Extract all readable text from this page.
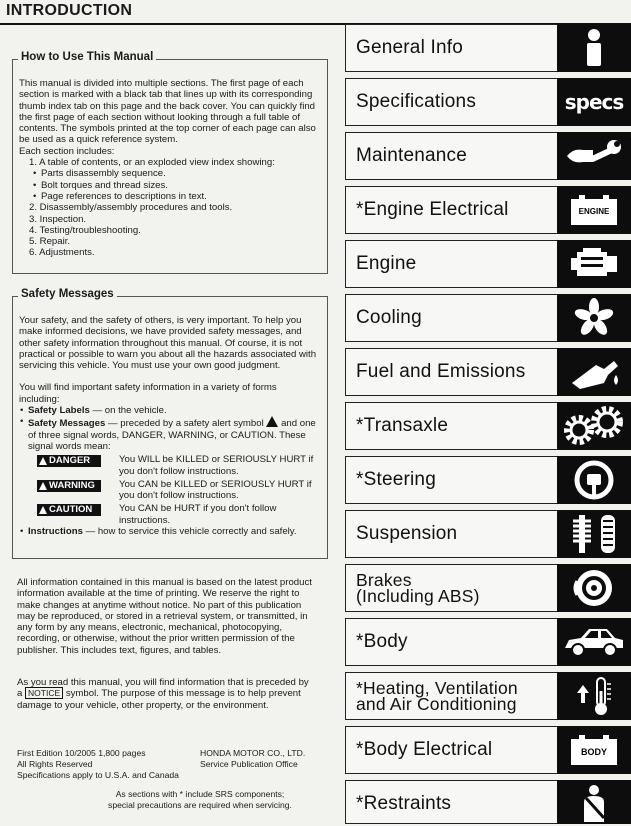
INTRODUCTION
How to Use This Manual

This manual is divided into multiple sections. The first page of each section is marked with a black tab that lines up with its corresponding thumb index tab on this page and the back cover. You can quickly find the first page of each section without looking through a full table of contents. The symbols printed at the top corner of each page can also be used as a quick reference system.

Each section includes:

1. A table of contents, or an exploded view index showing:
• Parts disassembly sequence.
• Bolt torques and thread sizes.
• Page references to descriptions in text.
2. Disassembly/assembly procedures and tools.
3. Inspection.
4. Testing/troubleshooting.
5. Repair.
6. Adjustments.
Safety Messages

Your safety, and the safety of others, is very important. To help you make informed decisions, we have provided safety messages, and other safety information throughout this manual. Of course, it is not practical or possible to warn you about all the hazards associated with servicing this vehicle. You must use your own good judgment.

You will find important safety information in a variety of forms including:

• Safety Labels — on the vehicle.
• Safety Messages — preceded by a safety alert symbol and one of three signal words, DANGER, WARNING, or CAUTION. These signal words mean:
DANGER	You WILL be KILLED or SERIOUSLY HURT if you don't follow instructions.
WARNING	You CAN be KILLED or SERIOUSLY HURT if you don't follow instructions.
CAUTION	You CAN be HURT if you don't follow instructions.
• Instructions — how to service this vehicle correctly and safely.

All information contained in this manual is based on the latest product information available at the time of printing. We reserve the right to make changes at anytime without notice. No part of this publication may be reproduced, or stored in a retrieval system, or transmitted, in any form by any means, electronic, mechanical, photocopying, recording, or otherwise, without the prior written permission of the publisher. This includes text, figures, and tables.

As you read this manual, you will find information that is preceded by a NOTICE symbol. The purpose of this message is to help prevent damage to your vehicle, other property, or the environment.

First Edition 10/2005 1,800 pages
All Rights Reserved
Specifications apply to U.S.A. and Canada
HONDA MOTOR CO., LTD.
Service Publication Office
As sections with * include SRS components;
special precautions are required when servicing.
General Info
Specifications	specs
Maintenance
*Engine Electrical	ENGINE
Engine
Cooling
Fuel and Emissions
*Transaxle
*Steering
Suspension
Brakes
(Including ABS)
*Body
*Heating, Ventilation
and Air Conditioning
*Body Electrical	BODY
*Restraints
